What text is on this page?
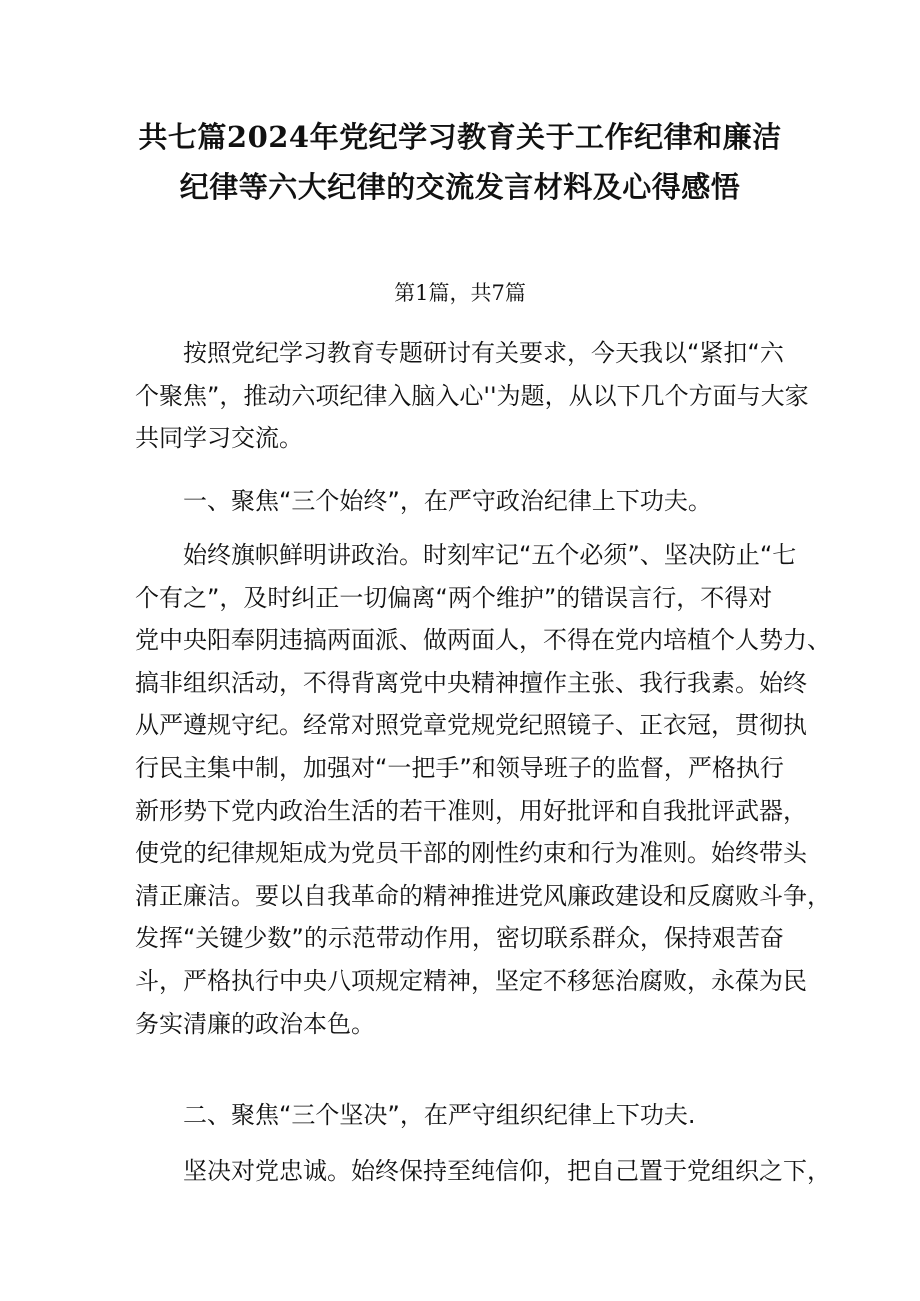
共七篇2024年党纪学习教育关于工作纪律和廉洁
纪律等六大纪律的交流发言材料及心得感悟
第1篇，共7篇
按照党纪学习教育专题研讨有关要求，今天我以“紧扣“六
个聚焦”，推动六项纪律入脑入心''为题，从以下几个方面与大家
共同学习交流。
一、聚焦“三个始终”，在严守政治纪律上下功夫。
始终旗帜鲜明讲政治。时刻牢记“五个必须”、坚决防止“七
个有之”，及时纠正一切偏离“两个维护”的错误言行，不得对
党中央阳奉阴违搞两面派、做两面人，不得在党内培植个人势力、
搞非组织活动，不得背离党中央精神擅作主张、我行我素。始终
从严遵规守纪。经常对照党章党规党纪照镜子、正衣冠，贯彻执
行民主集中制，加强对“一把手”和领导班子的监督，严格执行
新形势下党内政治生活的若干准则，用好批评和自我批评武器，
使党的纪律规矩成为党员干部的刚性约束和行为准则。始终带头
清正廉洁。要以自我革命的精神推进党风廉政建设和反腐败斗争，
发挥“关键少数”的示范带动作用，密切联系群众，保持艰苦奋
斗，严格执行中央八项规定精神，坚定不移惩治腐败，永葆为民
务实清廉的政治本色。
二、聚焦“三个坚决”，在严守组织纪律上下功夫.
坚决对党忠诚。始终保持至纯信仰，把自己置于党组织之下，
